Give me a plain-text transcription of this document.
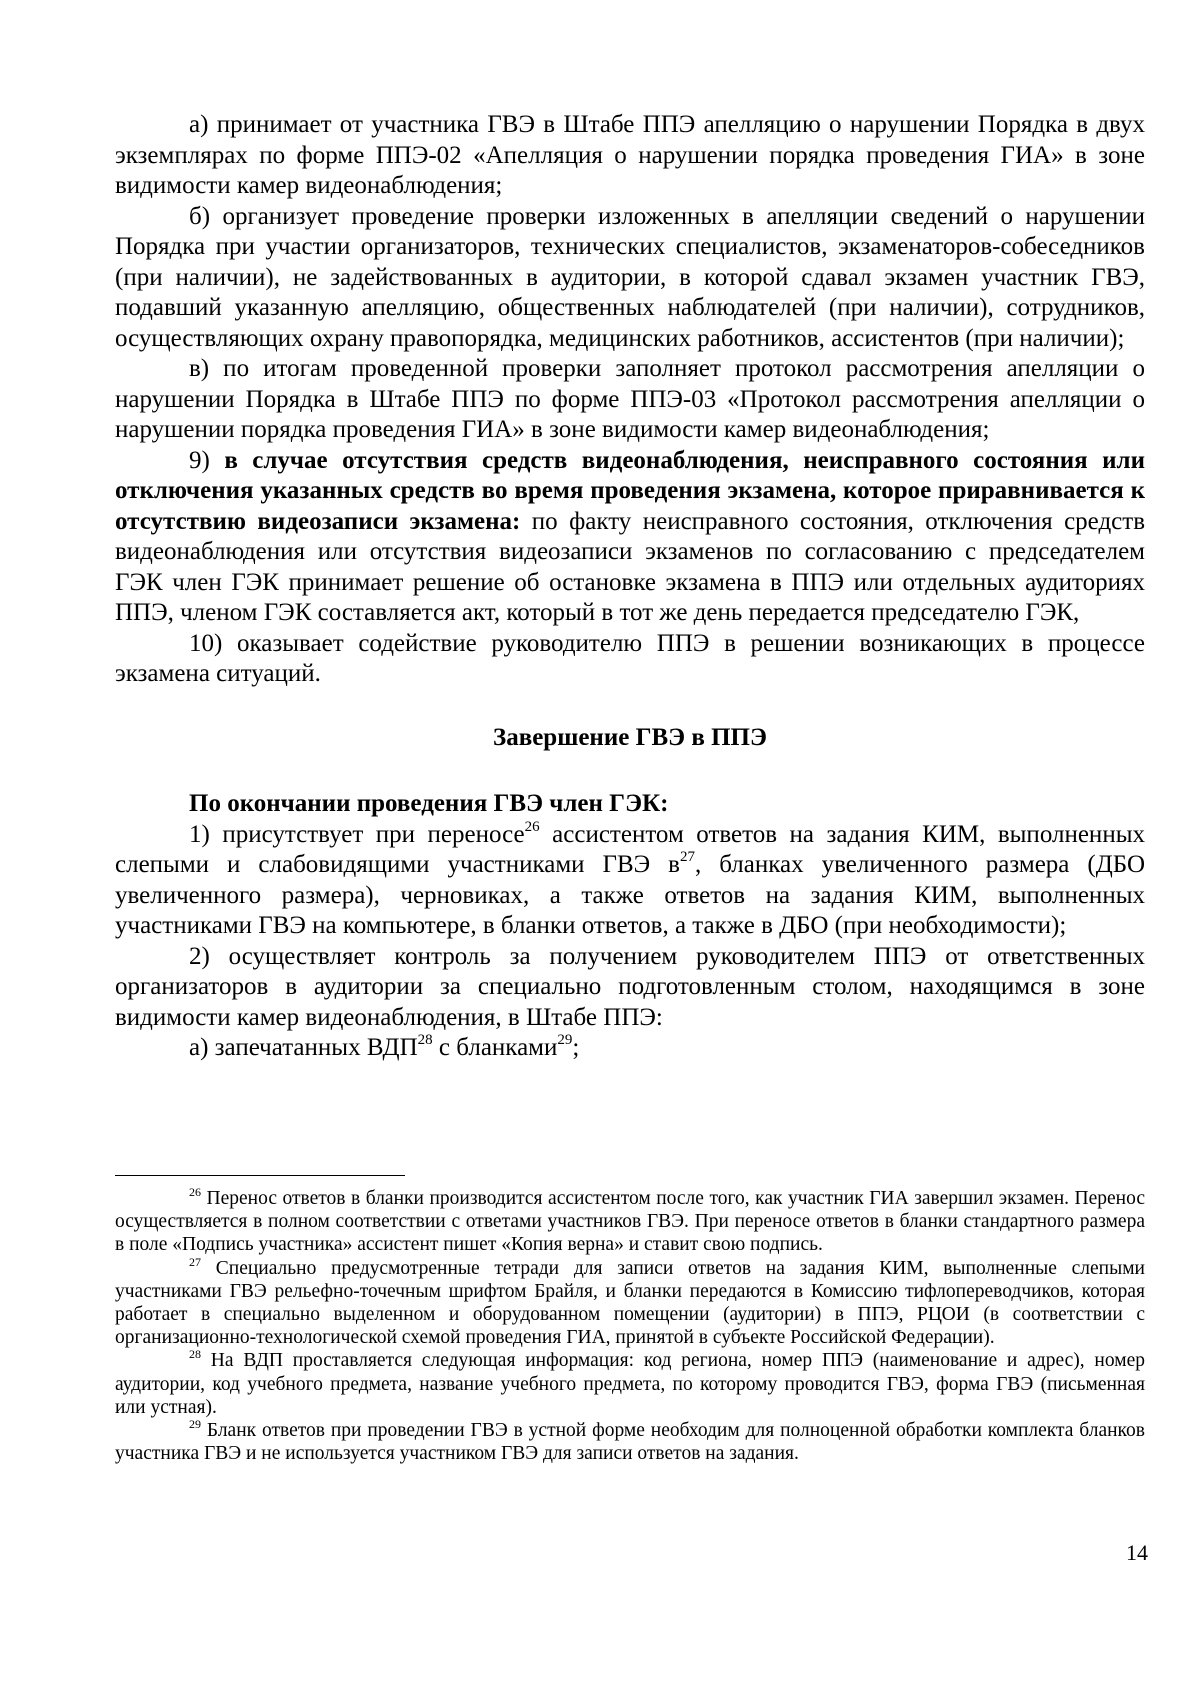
а) принимает от участника ГВЭ в Штабе ППЭ апелляцию о нарушении Порядка в двух экземплярах по форме ППЭ-02 «Апелляция о нарушении порядка проведения ГИА» в зоне видимости камер видеонаблюдения;

б) организует проведение проверки изложенных в апелляции сведений о нарушении Порядка при участии организаторов, технических специалистов, экзаменаторов-собеседников (при наличии), не задействованных в аудитории, в которой сдавал экзамен участник ГВЭ, подавший указанную апелляцию, общественных наблюдателей (при наличии), сотрудников, осуществляющих охрану правопорядка, медицинских работников, ассистентов (при наличии);

в) по итогам проведенной проверки заполняет протокол рассмотрения апелляции о нарушении Порядка в Штабе ППЭ по форме ППЭ-03 «Протокол рассмотрения апелляции о нарушении порядка проведения ГИА» в зоне видимости камер видеонаблюдения;

9) в случае отсутствия средств видеонаблюдения, неисправного состояния или отключения указанных средств во время проведения экзамена, которое приравнивается к отсутствию видеозаписи экзамена: по факту неисправного состояния, отключения средств видеонаблюдения или отсутствия видеозаписи экзаменов по согласованию с председателем ГЭК член ГЭК принимает решение об остановке экзамена в ППЭ или отдельных аудиториях ППЭ, членом ГЭК составляется акт, который в тот же день передается председателю ГЭК,

10) оказывает содействие руководителю ППЭ в решении возникающих в процессе экзамена ситуаций.

Завершение ГВЭ в ППЭ

По окончании проведения ГВЭ член ГЭК:

1) присутствует при переносе$^{26}$ ассистентом ответов на задания КИМ, выполненных слепыми и слабовидящими участниками ГВЭ $в^{27}$, бланках увеличенного размера (ДБО увеличенного размера), черновиках, а также ответов на задания КИМ, выполненных участниками ГВЭ на компьютере, в бланки ответов, а также в ДБО (при необходимости);

2) осуществляет контроль за получением руководителем ППЭ от ответственных организаторов в аудитории за специально подготовленным столом, находящимся в зоне видимости камер видеонаблюдения, в Штабе ППЭ:

а) запечатанных ВДП$^{28}$ с бланками$^{29}$;

$^{26}$ Перенос ответов в бланки производится ассистентом после того, как участник ГИА завершил экзамен. Перенос осуществляется в полном соответствии с ответами участников ГВЭ. При переносе ответов в бланки стандартного размера в поле «Подпись участника» ассистент пишет «Копия верна» и ставит свою подпись.

$^{27}$ Специально предусмотренные тетради для записи ответов на задания КИМ, выполненные слепыми участниками ГВЭ рельефно-точечным шрифтом Брайля, и бланки передаются в Комиссию тифлопереводчиков, которая работает в специально выделенном и оборудованном помещении (аудитории) в ППЭ, РЦОИ (в соответствии с организационно-технологической схемой проведения ГИА, принятой в субъекте Российской Федерации).

$^{28}$ На ВДП проставляется следующая информация: код региона, номер ППЭ (наименование и адрес), номер аудитории, код учебного предмета, название учебного предмета, по которому проводится ГВЭ, форма ГВЭ (письменная или устная).

$^{29}$ Бланк ответов при проведении ГВЭ в устной форме необходим для полноценной обработки комплекта бланков участника ГВЭ и не используется участником ГВЭ для записи ответов на задания.

14
